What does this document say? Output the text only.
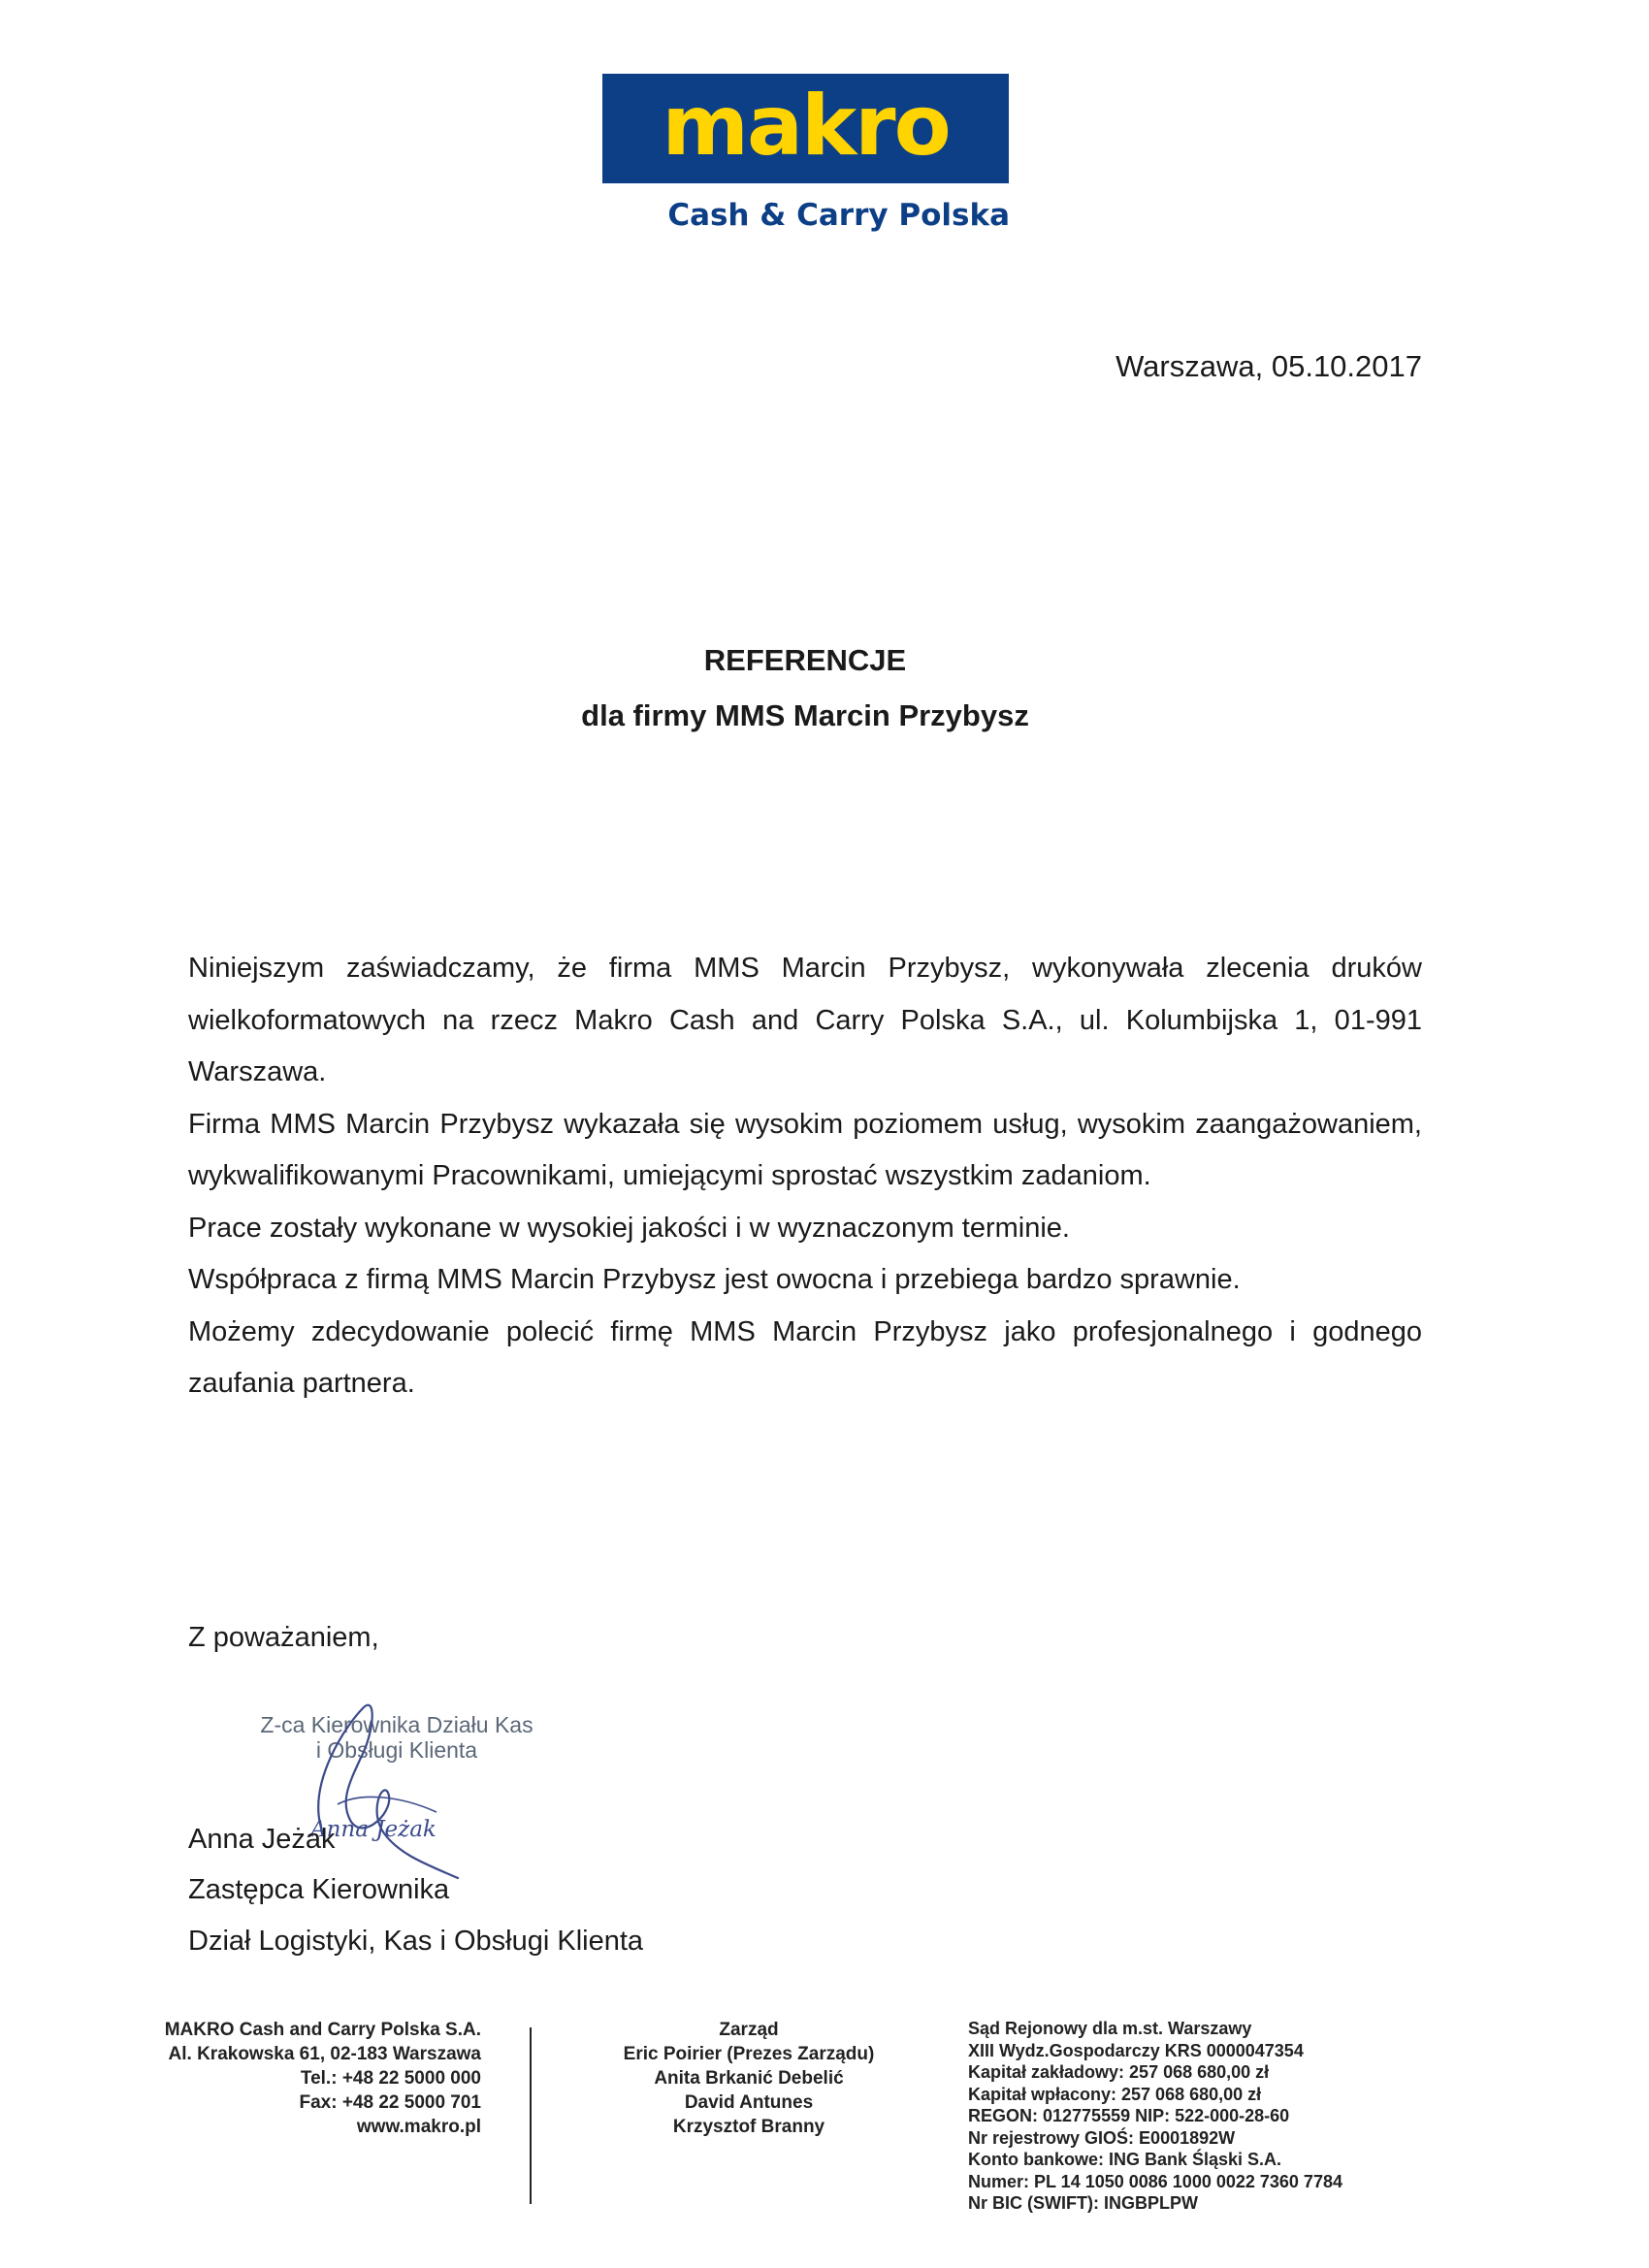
makro
Cash & Carry Polska
Warszawa, 05.10.2017
REFERENCJE
dla firmy MMS Marcin Przybysz

Niniejszym zaświadczamy, że firma MMS Marcin Przybysz, wykonywała zlecenia druków wielkoformatowych na rzecz Makro Cash and Carry Polska S.A., ul. Kolumbijska 1, 01-991 Warszawa.

Firma MMS Marcin Przybysz wykazała się wysokim poziomem usług, wysokim zaangażowaniem, wykwalifikowanymi Pracownikami, umiejącymi sprostać wszystkim zadaniom.

Prace zostały wykonane w wysokiej jakości i w wyznaczonym terminie.

Współpraca z firmą MMS Marcin Przybysz jest owocna i przebiega bardzo sprawnie.

Możemy zdecydowanie polecić firmę MMS Marcin Przybysz jako profesjonalnego i godnego zaufania partnera.

Z poważaniem,
Z-ca Kierownika Działu Kas
i Obsługi Klienta
Anna Jeżak
Anna Jeżak
Zastępca Kierownika
Dział Logistyki, Kas i Obsługi Klienta
MAKRO Cash and Carry Polska S.A.
Al. Krakowska 61, 02-183 Warszawa
Tel.: +48 22 5000 000
Fax: +48 22 5000 701
www.makro.pl
Zarząd
Eric Poirier (Prezes Zarządu)
Anita Brkanić Debelić
David Antunes
Krzysztof Branny
Sąd Rejonowy dla m.st. Warszawy
XIII Wydz.Gospodarczy KRS 0000047354
Kapitał zakładowy: 257 068 680,00 zł
Kapitał wpłacony: 257 068 680,00 zł
REGON: 012775559 NIP: 522-000-28-60
Nr rejestrowy GIOŚ: E0001892W
Konto bankowe: ING Bank Śląski S.A.
Numer: PL 14 1050 0086 1000 0022 7360 7784
Nr BIC (SWIFT): INGBPLPW
